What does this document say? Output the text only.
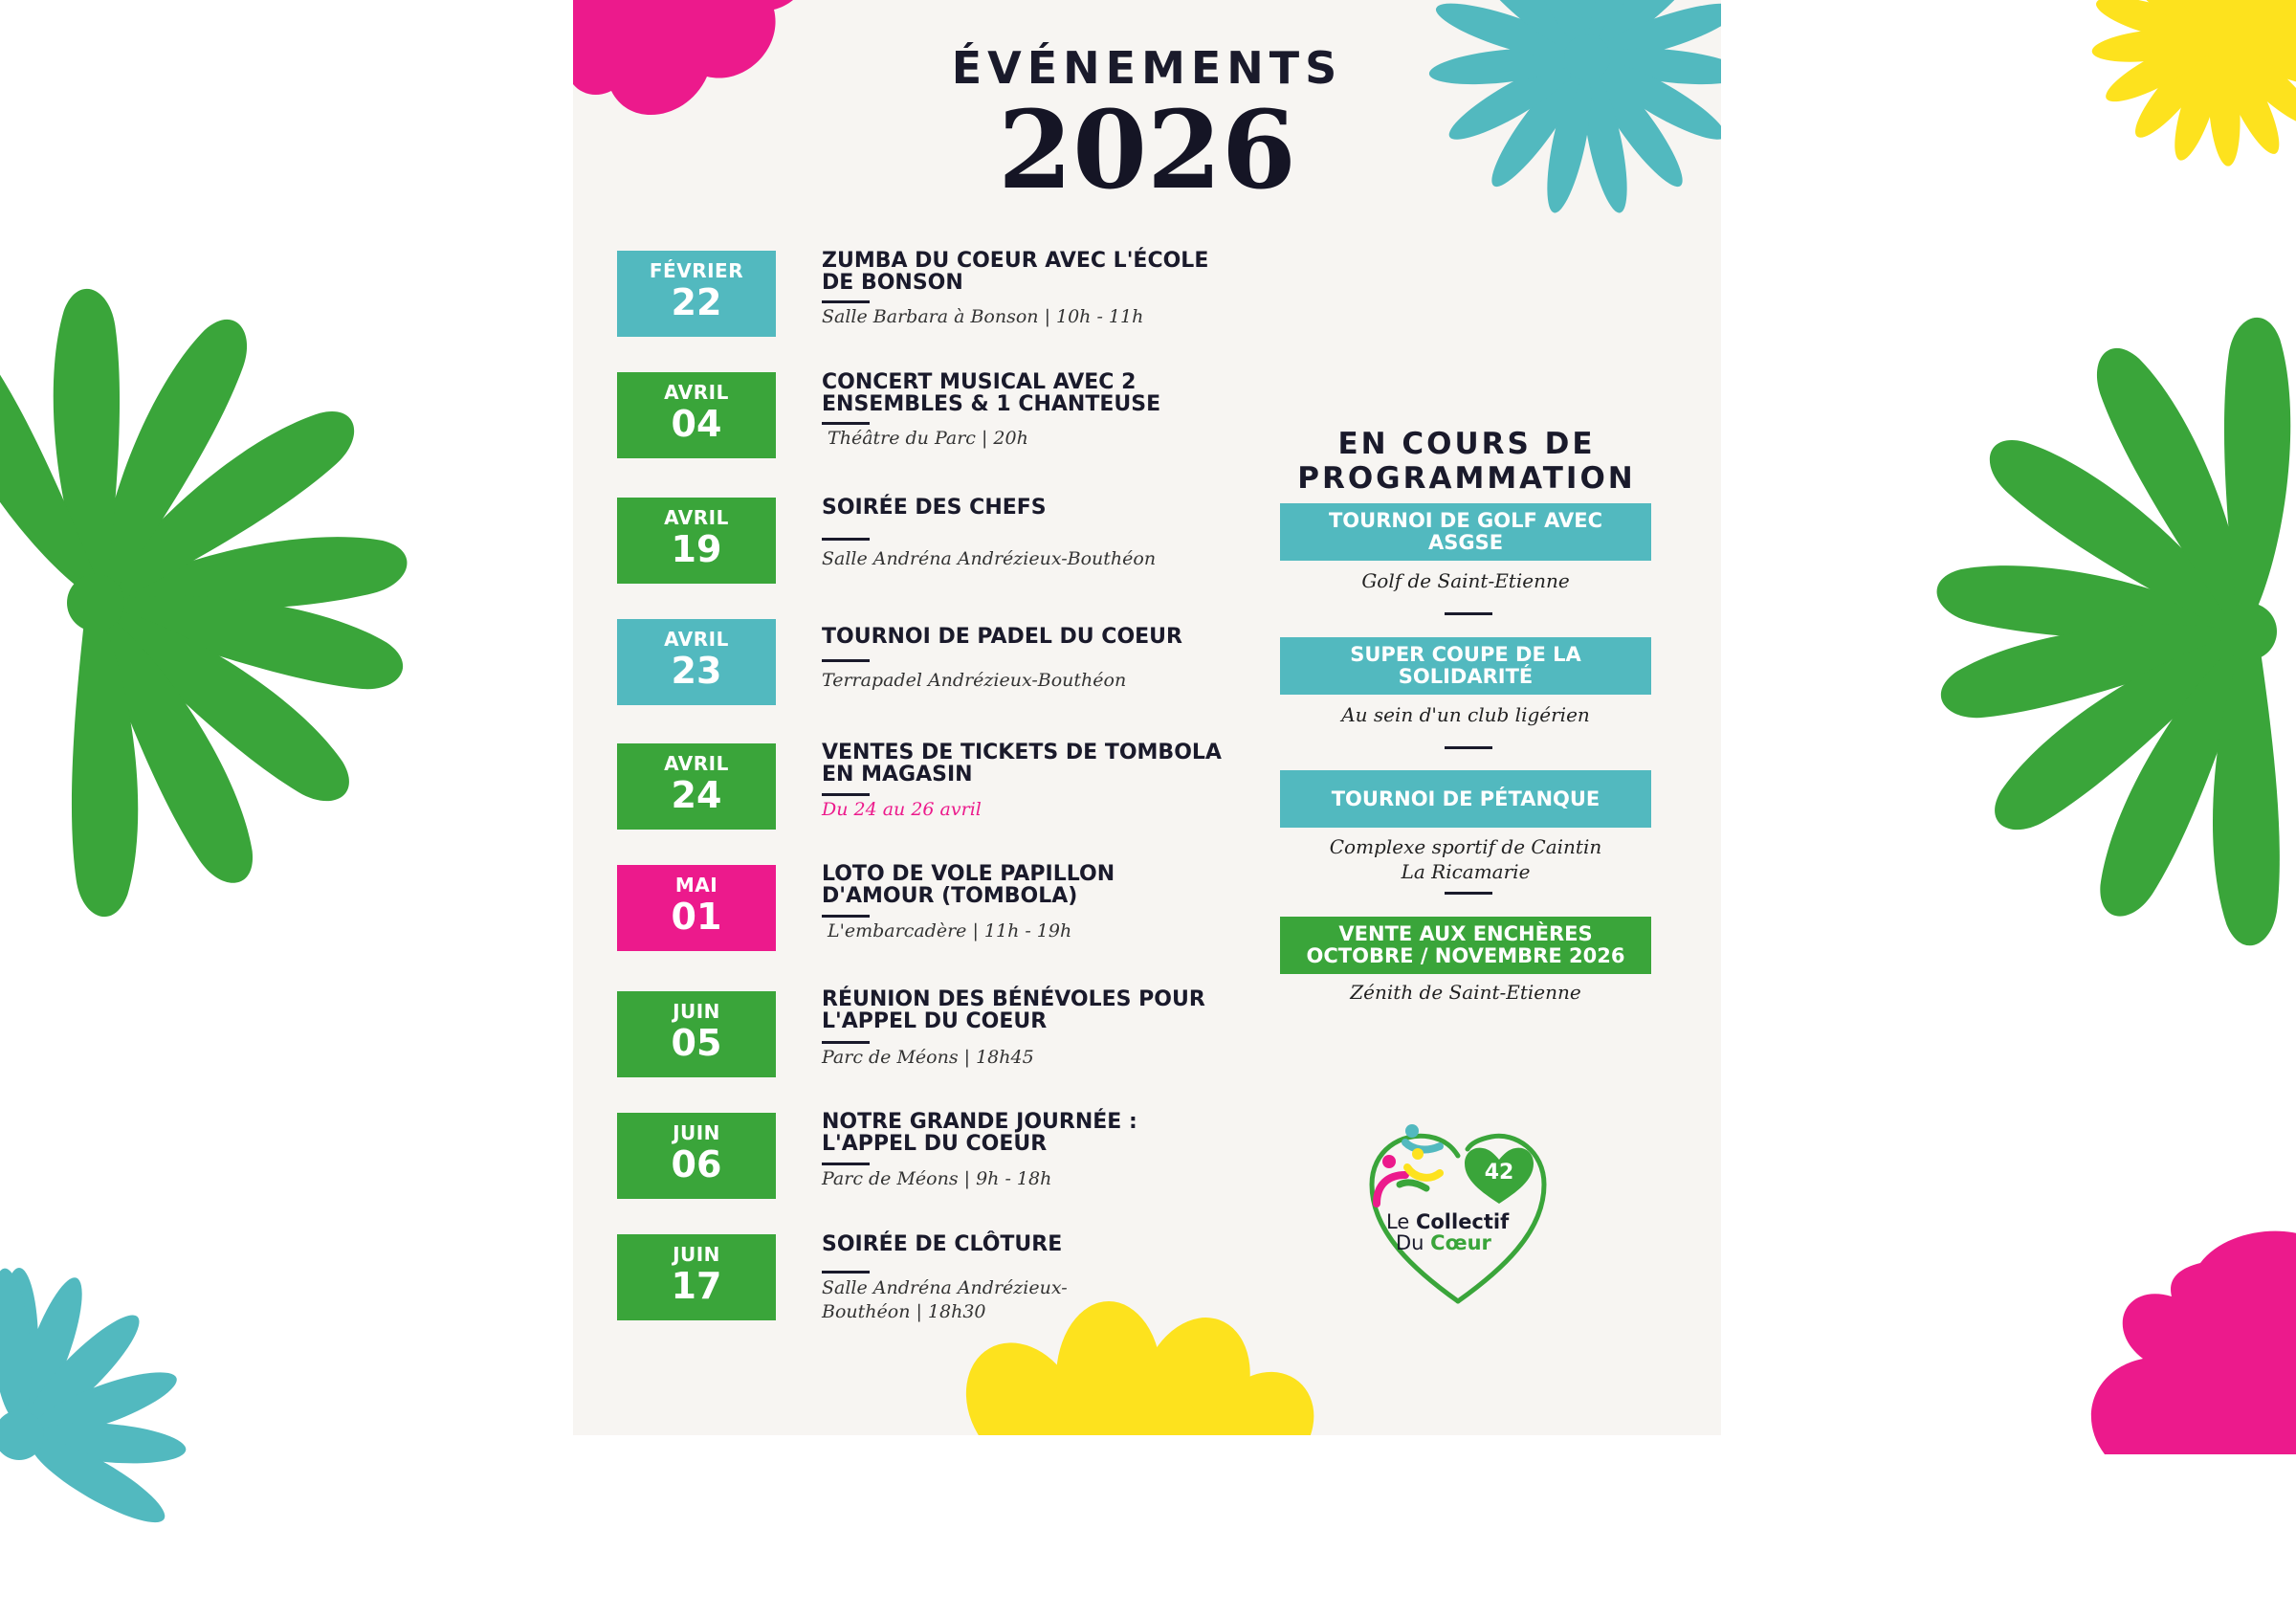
ÉVÉNEMENTS
2026
FÉVRIER
22
ZUMBA DU COEUR AVEC L'ÉCOLE DE BONSON
Salle Barbara à Bonson | 10h - 11h
AVRIL
04
CONCERT MUSICAL AVEC 2 ENSEMBLES & 1 CHANTEUSE
Théâtre du Parc | 20h
AVRIL
19
SOIRÉE DES CHEFS
Salle Andréna Andrézieux-Bouthéon
AVRIL
23
TOURNOI DE PADEL DU COEUR
Terrapadel Andrézieux-Bouthéon
AVRIL
24
VENTES DE TICKETS DE TOMBOLA EN MAGASIN
Du 24 au 26 avril
MAI
01
LOTO DE VOLE PAPILLON D'AMOUR (TOMBOLA)
L'embarcadère | 11h - 19h
JUIN
05
RÉUNION DES BÉNÉVOLES POUR L'APPEL DU COEUR
Parc de Méons | 18h45
JUIN
06
NOTRE GRANDE JOURNÉE : L'APPEL DU COEUR
Parc de Méons | 9h - 18h
JUIN
17
SOIRÉE DE CLÔTURE
Salle Andréna Andrézieux-Bouthéon | 18h30
EN COURS DE PROGRAMMATION
TOURNOI DE GOLF AVEC ASGSE
Golf de Saint-Etienne
SUPER COUPE DE LA SOLIDARITÉ
Au sein d'un club ligérien
TOURNOI DE PÉTANQUE
Complexe sportif de Caintin
La Ricamarie
VENTE AUX ENCHÈRES
OCTOBRE / NOVEMBRE 2026
Zénith de Saint-Etienne
42
Le Collectif
Du Cœur
